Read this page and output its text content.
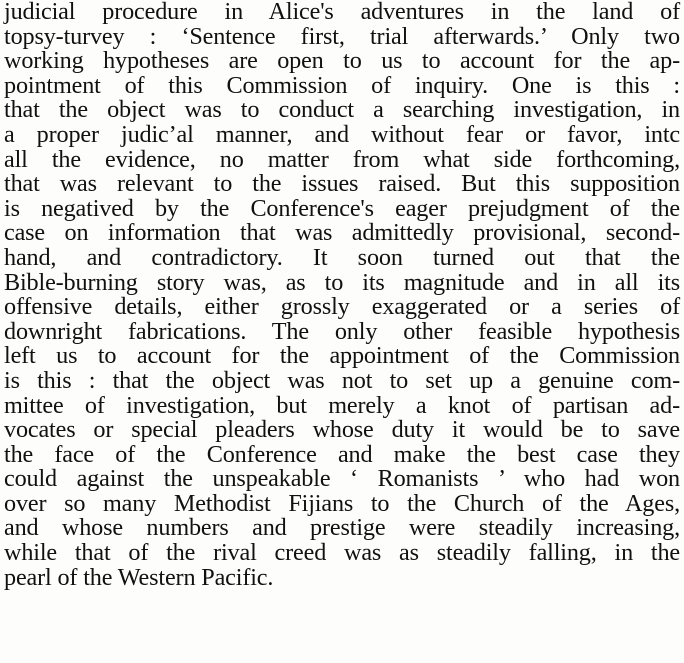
judicial procedure in Alice's adventures in the land of
topsy-turvey : ‘Sentence first, trial afterwards.’ Only two
working hypotheses are open to us to account for the ap-
pointment of this Commission of inquiry. One is this :
that the object was to conduct a searching investigation, in
a proper judicʼal manner, and without fear or favor, intc
all the evidence, no matter from what side forthcoming,
that was relevant to the issues raised. But this supposition
is negatived by the Conference's eager prejudgment of the
case on information that was admittedly provisional, second-
hand, and contradictory. It soon turned out that the
Bible-burning story was, as to its magnitude and in all its
offensive details, either grossly exaggerated or a series of
downright fabrications. The only other feasible hypothesis
left us to account for the appointment of the Commission
is this : that the object was not to set up a genuine com-
mittee of investigation, but merely a knot of partisan ad-
vocates or special pleaders whose duty it would be to save
the face of the Conference and make the best case they
could against the unspeakable ‘ Romanists ’ who had won
over so many Methodist Fijians to the Church of the Ages,
and whose numbers and prestige were steadily increasing,
while that of the rival creed was as steadily falling, in the
pearl of the Western Pacific.
